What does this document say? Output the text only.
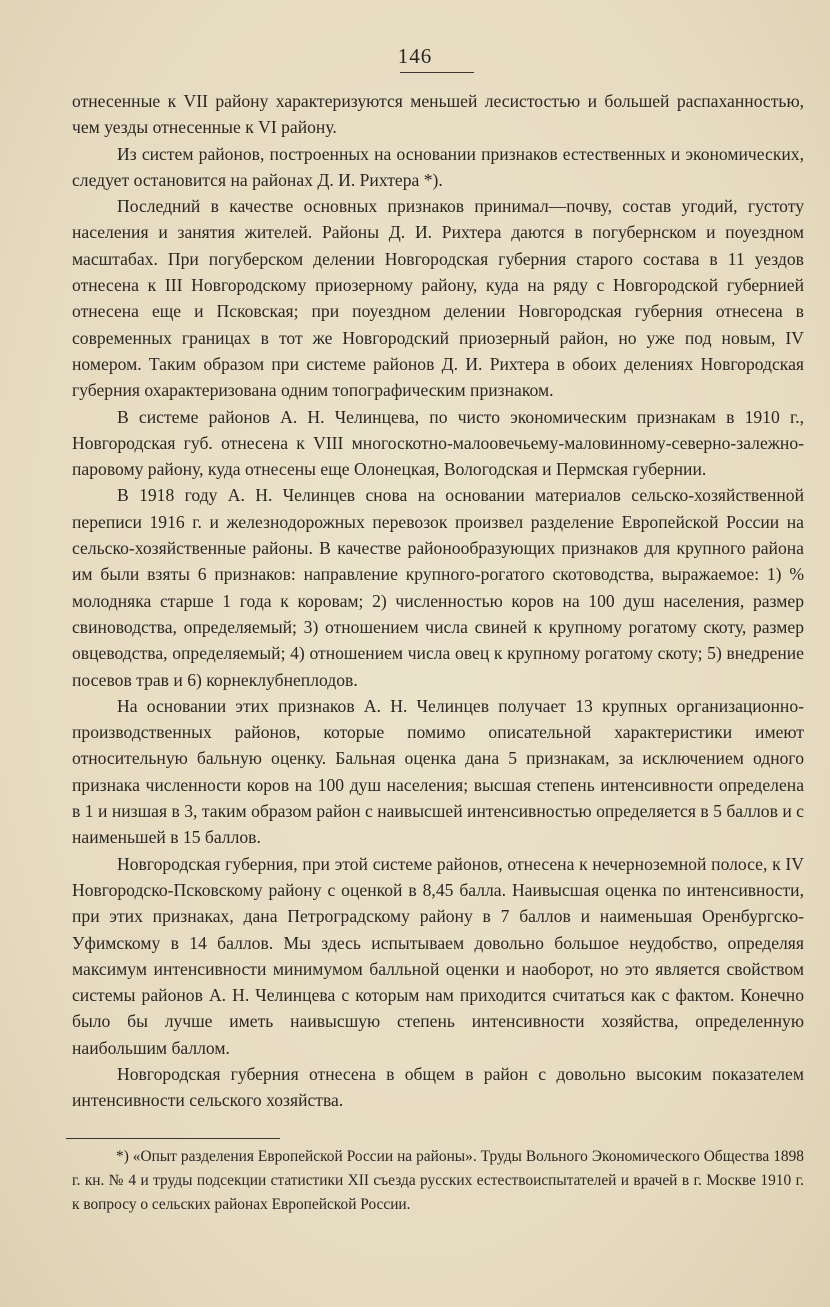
146

отнесенные к VII району характеризуются меньшей лесистостью и большей распаханностью, чем уезды отнесенные к VI району.

Из систем районов, построенных на основании признаков естественных и экономических, следует остановится на районах Д. И. Рихтера *).

Последний в качестве основных признаков принимал—почву, состав угодий, густоту населения и занятия жителей. Районы Д. И. Рихтера даются в погубернском и поуездном масштабах. При погуберском делении Новгородская губерния старого состава в 11 уездов отнесена к III Новгородскому приозерному району, куда на ряду с Новгородской губернией отнесена еще и Псковская; при поуездном делении Новгородская губерния отнесена в современных границах в тот же Новгородский приозерный район, но уже под новым, IV номером. Таким образом при системе районов Д. И. Рихтера в обоих делениях Новгородская губерния охарактеризована одним топографическим признаком.

В системе районов А. Н. Челинцева, по чисто экономическим признакам в 1910 г., Новгородская губ. отнесена к VIII многоскотно-малоовечьему-маловинному-северно-залежно-паровому району, куда отнесены еще Олонецкая, Вологодская и Пермская губернии.

В 1918 году А. Н. Челинцев снова на основании материалов сельско-хозяйственной переписи 1916 г. и железнодорожных перевозок произвел разделение Европейской России на сельско-хозяйственные районы. В качестве районообразующих признаков для крупного района им были взяты 6 признаков: направление крупного-рогатого скотоводства, выражаемое: 1) % молодняка старше 1 года к коровам; 2) численностью коров на 100 душ населения, размер свиноводства, определяемый; 3) отношением числа свиней к крупному рогатому скоту, размер овцеводства, определяемый; 4) отношением числа овец к крупному рогатому скоту; 5) внедрение посевов трав и 6) корнеклубнеплодов.

На основании этих признаков А. Н. Челинцев получает 13 крупных организационно-производственных районов, которые помимо описательной характеристики имеют относительную бальную оценку. Бальная оценка дана 5 признакам, за исключением одного признака численности коров на 100 душ населения; высшая степень интенсивности определена в 1 и низшая в 3, таким образом район с наивысшей интенсивностью определяется в 5 баллов и с наименьшей в 15 баллов.

Новгородская губерния, при этой системе районов, отнесена к нечерноземной полосе, к IV Новгородско-Псковскому району с оценкой в 8,45 балла. Наивысшая оценка по интенсивности, при этих признаках, дана Петроградскому району в 7 баллов и наименьшая Оренбургско-Уфимскому в 14 баллов. Мы здесь испытываем довольно большое неудобство, определяя максимум интенсивности минимумом балльной оценки и наоборот, но это является свойством системы районов А. Н. Челинцева с которым нам приходится считаться как с фактом. Конечно было бы лучше иметь наивысшую степень интенсивности хозяйства, определенную наибольшим баллом.

Новгородская губерния отнесена в общем в район с довольно высоким показателем интенсивности сельского хозяйства.

*) «Опыт разделения Европейской России на районы». Труды Вольного Экономического Общества 1898 г. кн. № 4 и труды подсекции статистики XII съезда русских естествоиспытателей и врачей в г. Москве 1910 г. к вопросу о сельских районах Европейской России.
